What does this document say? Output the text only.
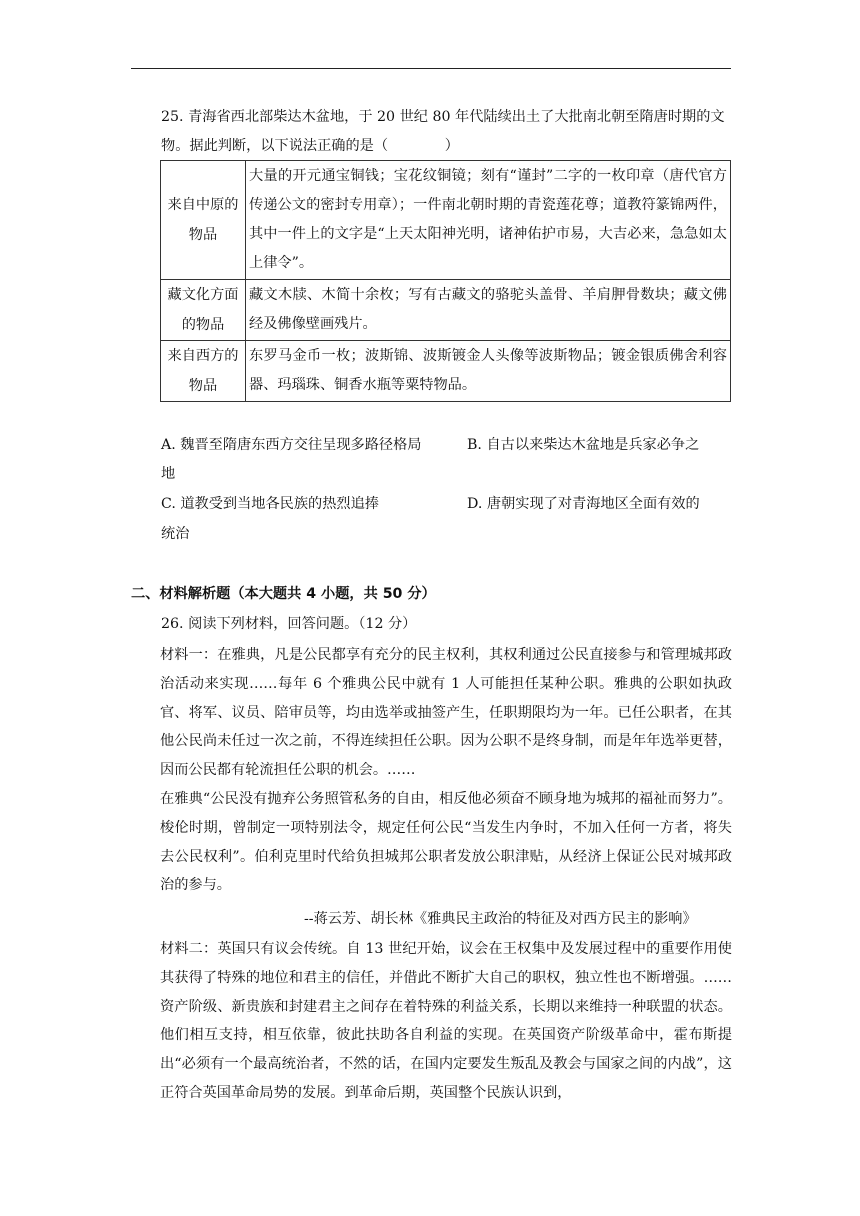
25. 青海省西北部柴达木盆地，于 20 世纪 80 年代陆续出土了大批南北朝至隋唐时期的文物。据此判断，以下说法正确的是（　　　　）
来自中原的物品	大量的开元通宝铜钱；宝花纹铜镜；刻有“谨封”二字的一枚印章（唐代官方传递公文的密封专用章）；一件南北朝时期的青瓷莲花尊；道教符篆锦两件，其中一件上的文字是“上天太阳神光明，诸神佑护市易，大吉必来，急急如太上律令”。
藏文化方面的物品	藏文木牍、木简十余枚；写有古藏文的骆驼头盖骨、羊肩胛骨数块；藏文佛经及佛像壁画残片。
来自西方的物品	东罗马金币一枚；波斯锦、波斯镀金人头像等波斯物品；镀金银质佛舍利容器、玛瑙珠、铜香水瓶等粟特物品。
A. 魏晋至隋唐东西方交往呈现多路径格局	B. 自古以来柴达木盆地是兵家必争之
地
C. 道教受到当地各民族的热烈追捧	D. 唐朝实现了对青海地区全面有效的
统治
二、材料解析题（本大题共 4 小题，共 50 分）
26. 阅读下列材料，回答问题。（12 分）
材料一：在雅典，凡是公民都享有充分的民主权利，其权利通过公民直接参与和管理城邦政治活动来实现……每年 6 个雅典公民中就有 1 人可能担任某种公职。雅典的公职如执政官、将军、议员、陪审员等，均由选举或抽签产生，任职期限均为一年。已任公职者，在其他公民尚未任过一次之前，不得连续担任公职。因为公职不是终身制，而是年年选举更替，因而公民都有轮流担任公职的机会。……
在雅典“公民没有抛弃公务照管私务的自由，相反他必须奋不顾身地为城邦的福祉而努力”。梭伦时期，曾制定一项特别法令，规定任何公民“当发生内争时，不加入任何一方者，将失去公民权利”。伯利克里时代给负担城邦公职者发放公职津贴，从经济上保证公民对城邦政治的参与。
--蒋云芳、胡长林《雅典民主政治的特征及对西方民主的影响》
材料二：英国只有议会传统。自 13 世纪开始，议会在王权集中及发展过程中的重要作用使其获得了特殊的地位和君主的信任，并借此不断扩大自己的职权，独立性也不断增强。……资产阶级、新贵族和封建君主之间存在着特殊的利益关系，长期以来维持一种联盟的状态。他们相互支持，相互依靠，彼此扶助各自利益的实现。在英国资产阶级革命中，霍布斯提出“必须有一个最高统治者，不然的话，在国内定要发生叛乱及教会与国家之间的内战”，这正符合英国革命局势的发展。到革命后期，英国整个民族认识到，
